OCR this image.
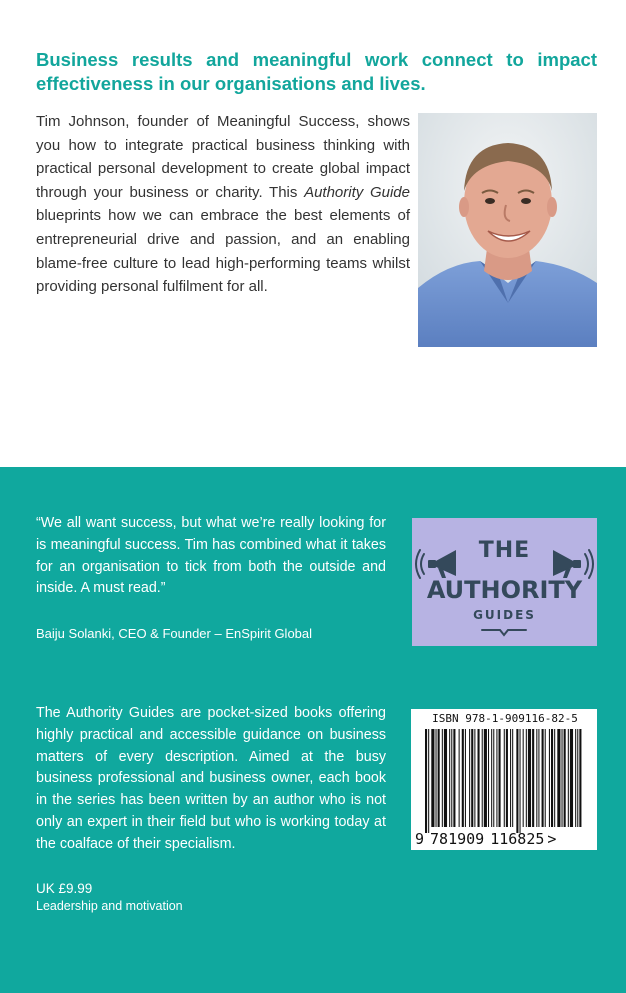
Business results and meaningful work connect to impact effectiveness in our organisations and lives.

Tim Johnson, founder of Meaningful Success, shows you how to integrate practical business thinking with practical personal development to create global impact through your business or charity. This Authority Guide blueprints how we can embrace the best elements of entrepreneurial drive and passion, and an enabling blame-free culture to lead high-performing teams whilst providing personal fulfilment for all.

“We all want success, but what we’re really looking for is meaningful success. Tim has combined what it takes for an organisation to tick from both the outside and inside. A must read.”

Baiju Solanki, CEO & Founder – EnSpirit Global

THE
AUTHORITY
GUIDES

The Authority Guides are pocket-sized books offering highly practical and accessible guidance on business matters of every description. Aimed at the busy business professional and business owner, each book in the series has been written by an author who is not only an expert in their field but who is working today at the coalface of their specialism.

ISBN 978-1-909116-82-5
9 781909 116825 >

UK £9.99

Leadership and motivation
